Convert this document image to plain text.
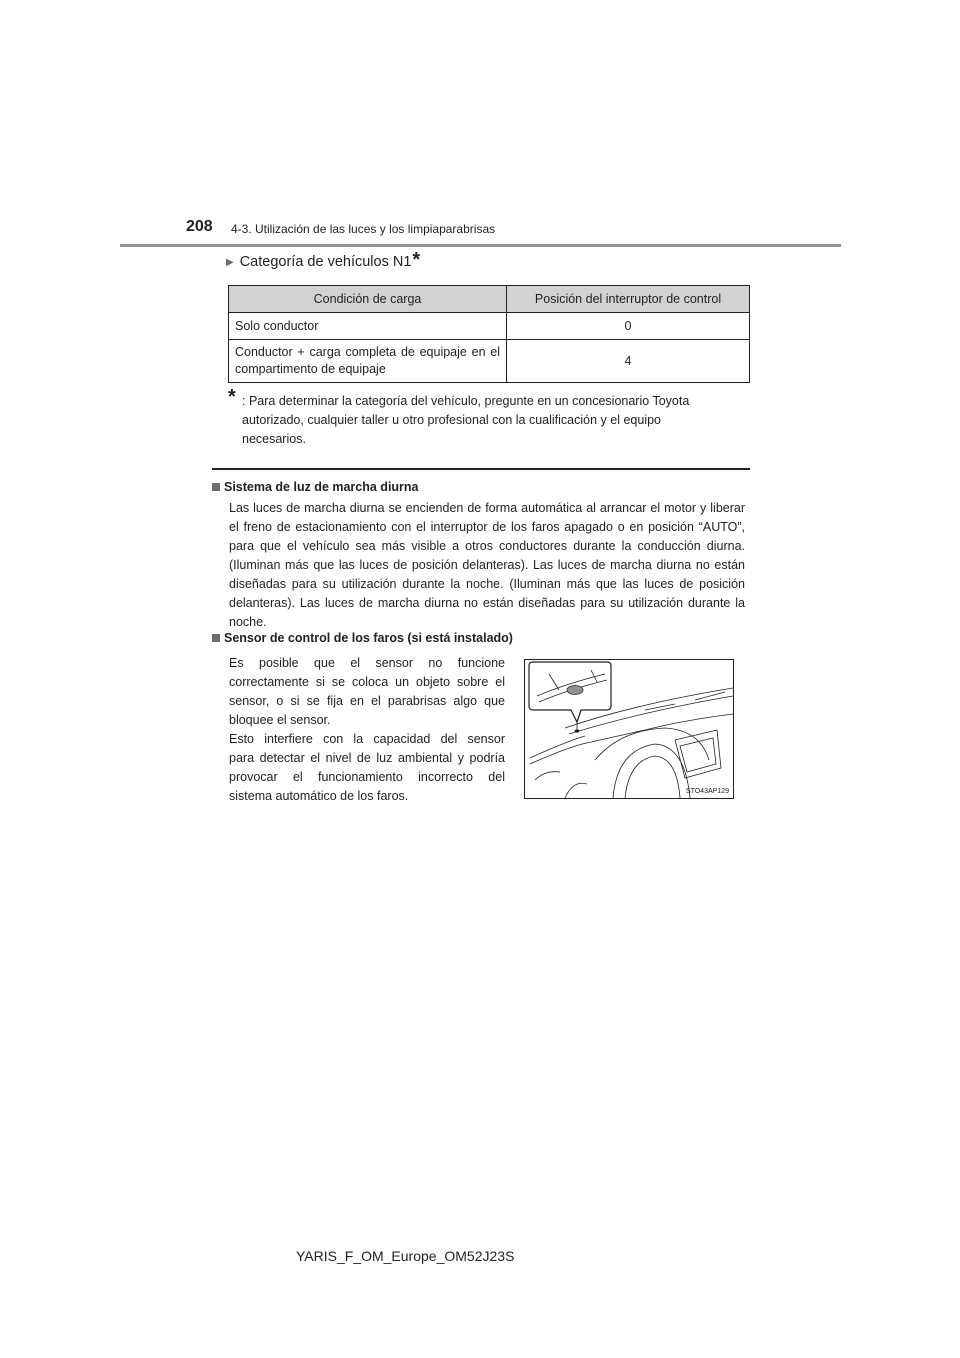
208 4-3. Utilización de las luces y los limpiaparabrisas
▶ Categoría de vehículos N1 *
Condición de carga	Posición del interruptor de control
Solo conductor	0
Conductor + carga completa de equipaje en el compartimento de equipaje	4
* : Para determinar la categoría del vehículo, pregunte en un concesionario Toyota

autorizado, cualquier taller u otro profesional con la cualificación y el equipo

necesarios.

Sistema de luz de marcha diurna
Las luces de marcha diurna se encienden de forma automática al arrancar el motor y liberar el freno de estacionamiento con el interruptor de los faros apagado o en posición “AUTO”, para que el vehículo sea más visible a otros conductores durante la conducción diurna. (Iluminan más que las luces de posición delanteras). Las luces de marcha diurna no están diseñadas para su utilización durante la noche. (Iluminan más que las luces de posición delanteras). Las luces de marcha diurna no están diseñadas para su utilización durante la noche.
Sensor de control de los faros (si está instalado)
Es posible que el sensor no funcione
correctamente si se coloca un objeto sobre el
sensor, o si se fija en el parabrisas algo que
bloquee el sensor.
Esto interfiere con la capacidad del sensor
para detectar el nivel de luz ambiental y podría
provocar el funcionamiento incorrecto del
sistema automático de los faros.	STO43AP129
YARIS_F_OM_Europe_OM52J23S
